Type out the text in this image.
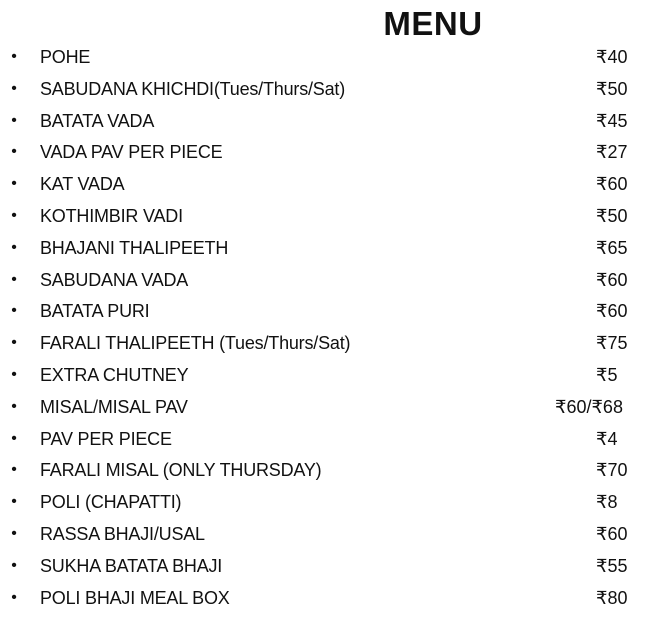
MENU
• POHE	₹40
• SABUDANA KHICHDI(Tues/Thurs/Sat)	₹50
• BATATA VADA	₹45
• VADA PAV PER PIECE	₹27
• KAT VADA	₹60
• KOTHIMBIR VADI	₹50
• BHAJANI THALIPEETH	₹65
• SABUDANA VADA	₹60
• BATATA PURI	₹60
• FARALI THALIPEETH (Tues/Thurs/Sat)	₹75
• EXTRA CHUTNEY	₹5
• MISAL/MISAL PAV	₹60/₹68
• PAV PER PIECE	₹4
• FARALI MISAL (ONLY THURSDAY)	₹70
• POLI (CHAPATTI)	₹8
• RASSA BHAJI/USAL	₹60
• SUKHA BATATA BHAJI	₹55
• POLI BHAJI MEAL BOX	₹80
